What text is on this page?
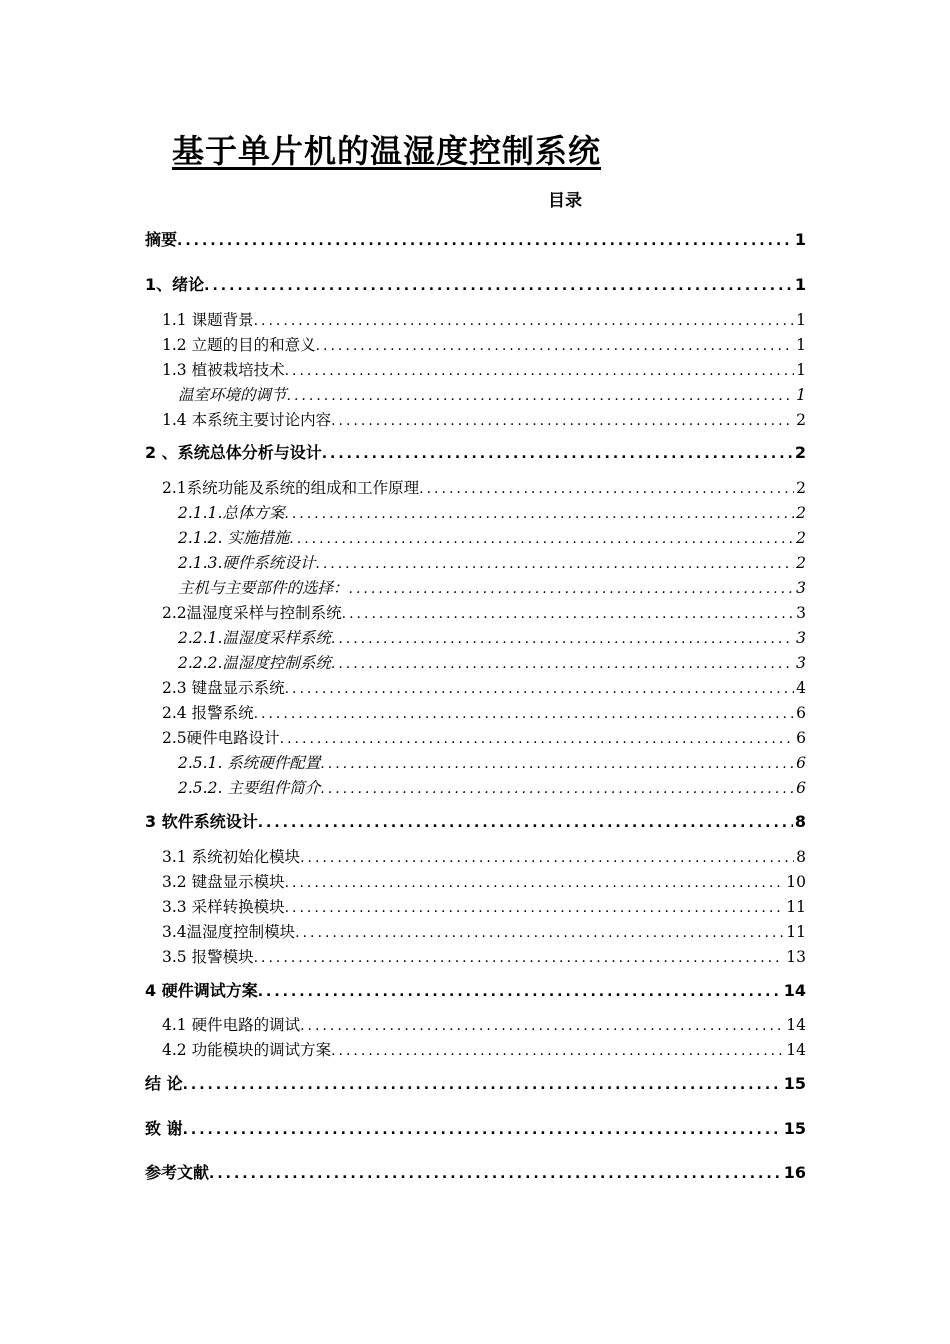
基于单片机的温湿度控制系统
目录
摘要 .....	1
1、绪论 .....	1
1.1 课题背景 .....	1
1.2 立题的目的和意义 .....	1
1.3 植被栽培技术 .....	1
温室环境的调节 .....	1
1.4 本系统主要讨论内容 .....	2
2 、系统总体分析与设计 .....	2
2.1系统功能及系统的组成和工作原理 .....	2
2.1.1.总体方案 .....	2
2.1.2. 实施措施 .....	2
2.1.3.硬件系统设计 .....	2
主机与主要部件的选择： .....	3
2.2温湿度采样与控制系统 .....	3
2.2.1.温湿度采样系统 .....	3
2.2.2.温湿度控制系统 .....	3
2.3 键盘显示系统 .....	4
2.4 报警系统 .....	6
2.5硬件电路设计 .....	6
2.5.1. 系统硬件配置 .....	6
2.5.2. 主要组件简介 .....	6
3 软件系统设计 .....	8
3.1 系统初始化模块 .....	8
3.2 键盘显示模块 .....	10
3.3 采样转换模块 .....	11
3.4温湿度控制模块 .....	11
3.5 报警模块 .....	13
4 硬件调试方案 .....	14
4.1 硬件电路的调试 .....	14
4.2 功能模块的调试方案 .....	14
结 论 .....	15
致 谢 .....	15
参考文献 .....	16
